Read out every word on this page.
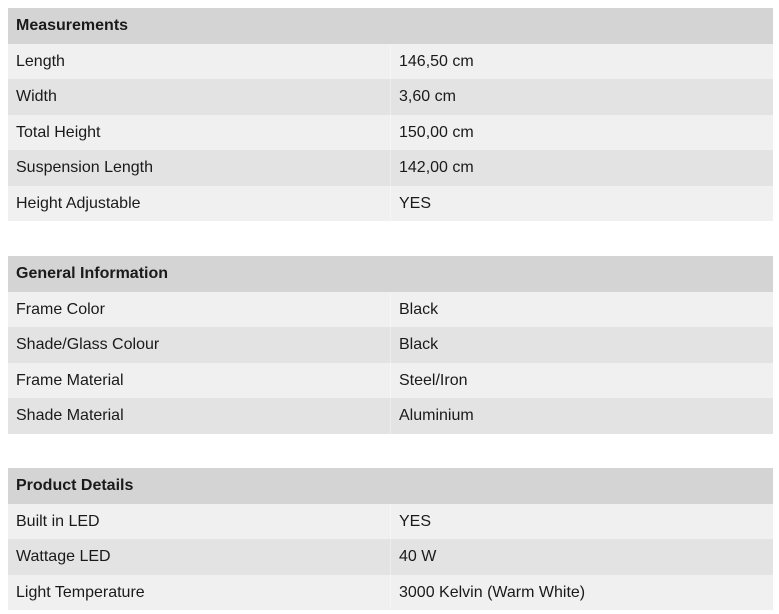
Measurements
Length	146,50 cm
Width	3,60 cm
Total Height	150,00 cm
Suspension Length	142,00 cm
Height Adjustable	YES
General Information
Frame Color	Black
Shade/Glass Colour	Black
Frame Material	Steel/Iron
Shade Material	Aluminium
Product Details
Built in LED	YES
Wattage LED	40 W
Light Temperature	3000 Kelvin (Warm White)
